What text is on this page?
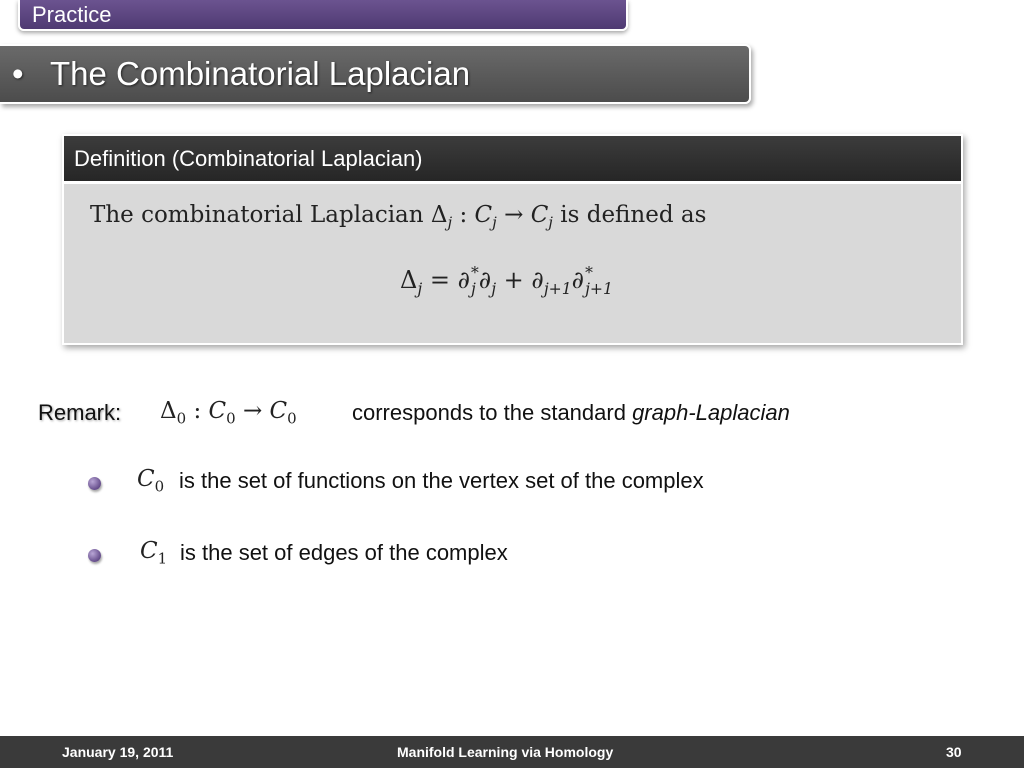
Practice
• The Combinatorial Laplacian
Definition (Combinatorial Laplacian)
The combinatorial Laplacian $\Delta_j$ : $C_j \to C_j$ is defined as
$\Delta_j$ = ∂ *
j $\partial_j + \partial_{j+1}\partial$ *
j+1
Remark: $\Delta_0$ : $C_0 \to C_0$	corresponds to the standard graph-Laplacian
$C_0$ is the set of functions on the vertex set of the complex
$C_1$ is the set of edges of the complex
January 19, 2011	Manifold Learning via Homology	30
